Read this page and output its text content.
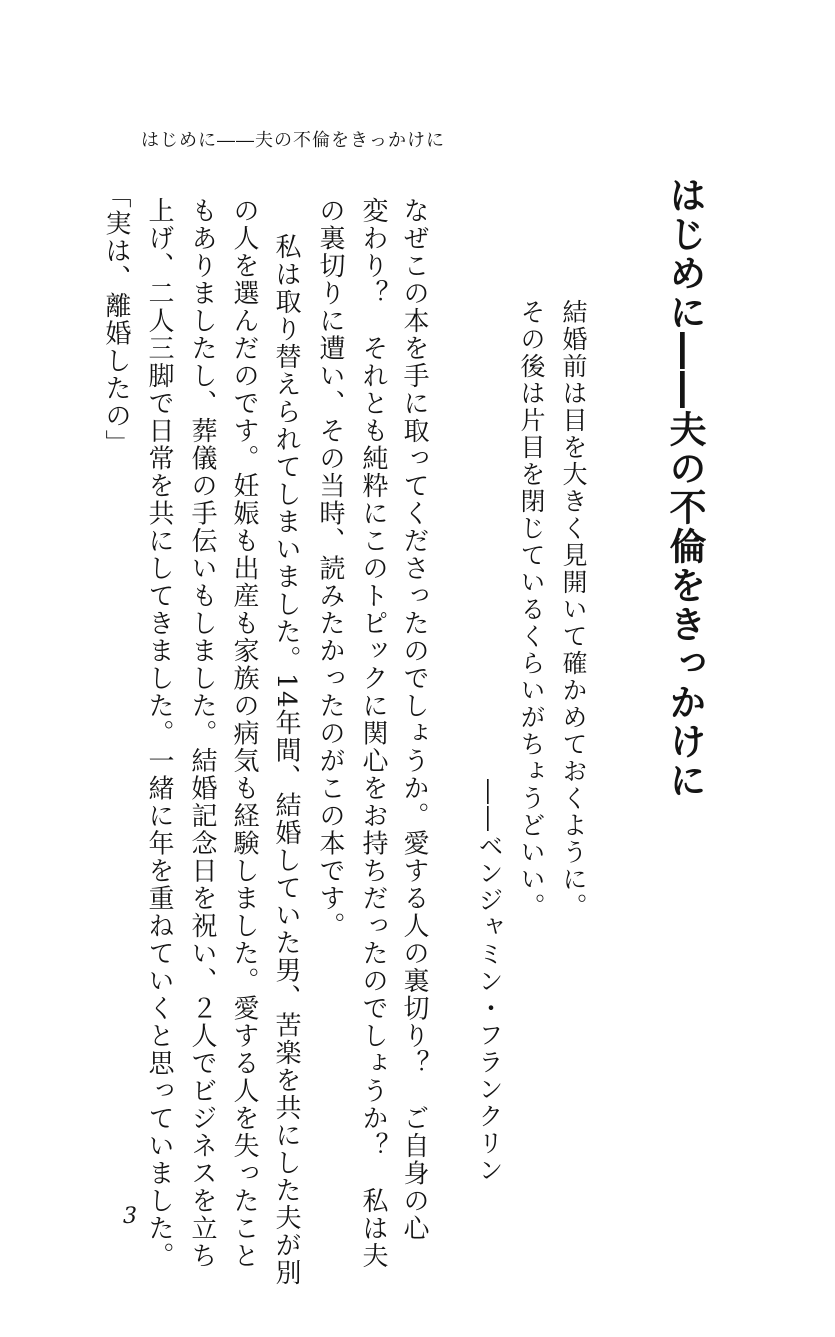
はじめに――夫の不倫をきっかけに
はじめに――夫の不倫をきっかけに

結婚前は目を大きく見開いて確かめておくように。

その後は片目を閉じているくらいがちょうどいい。

――ベンジャミン・フランクリン

なぜこの本を手に取ってくださったのでしょうか。愛する人の裏切り？　ご自身の心

変わり？　それとも純粋にこのトピックに関心をお持ちだったのでしょうか？　私は夫

の裏切りに遭い、その当時、読みたかったのがこの本です。

私は取り替えられてしまいました。14年間、結婚していた男、苦楽を共にした夫が別

の人を選んだのです。妊娠も出産も家族の病気も経験しました。愛する人を失ったこと

もありましたし、葬儀の手伝いもしました。結婚記念日を祝い、２人でビジネスを立ち

上げ、二人三脚で日常を共にしてきました。一緒に年を重ねていくと思っていました。

「実は、離婚したの」

3
